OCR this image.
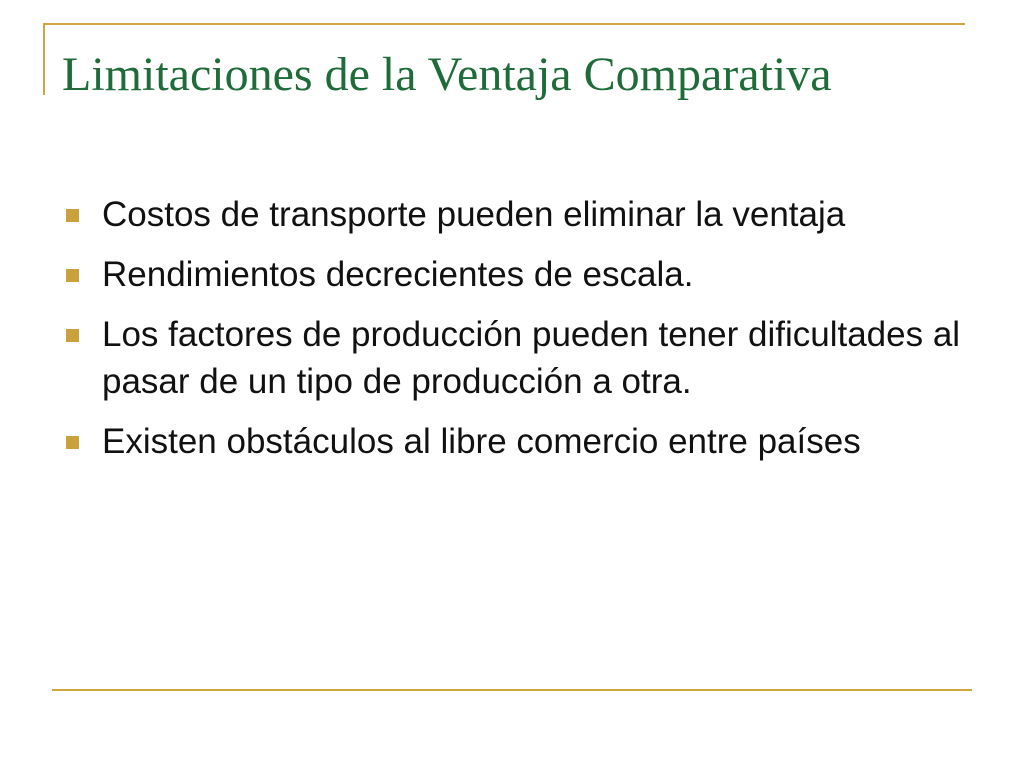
Limitaciones de la Ventaja Comparativa
Costos de transporte pueden eliminar la ventaja
Rendimientos decrecientes de escala.
Los factores de producción pueden tener dificultades al pasar de un tipo de producción a otra.
Existen obstáculos al libre comercio entre países
